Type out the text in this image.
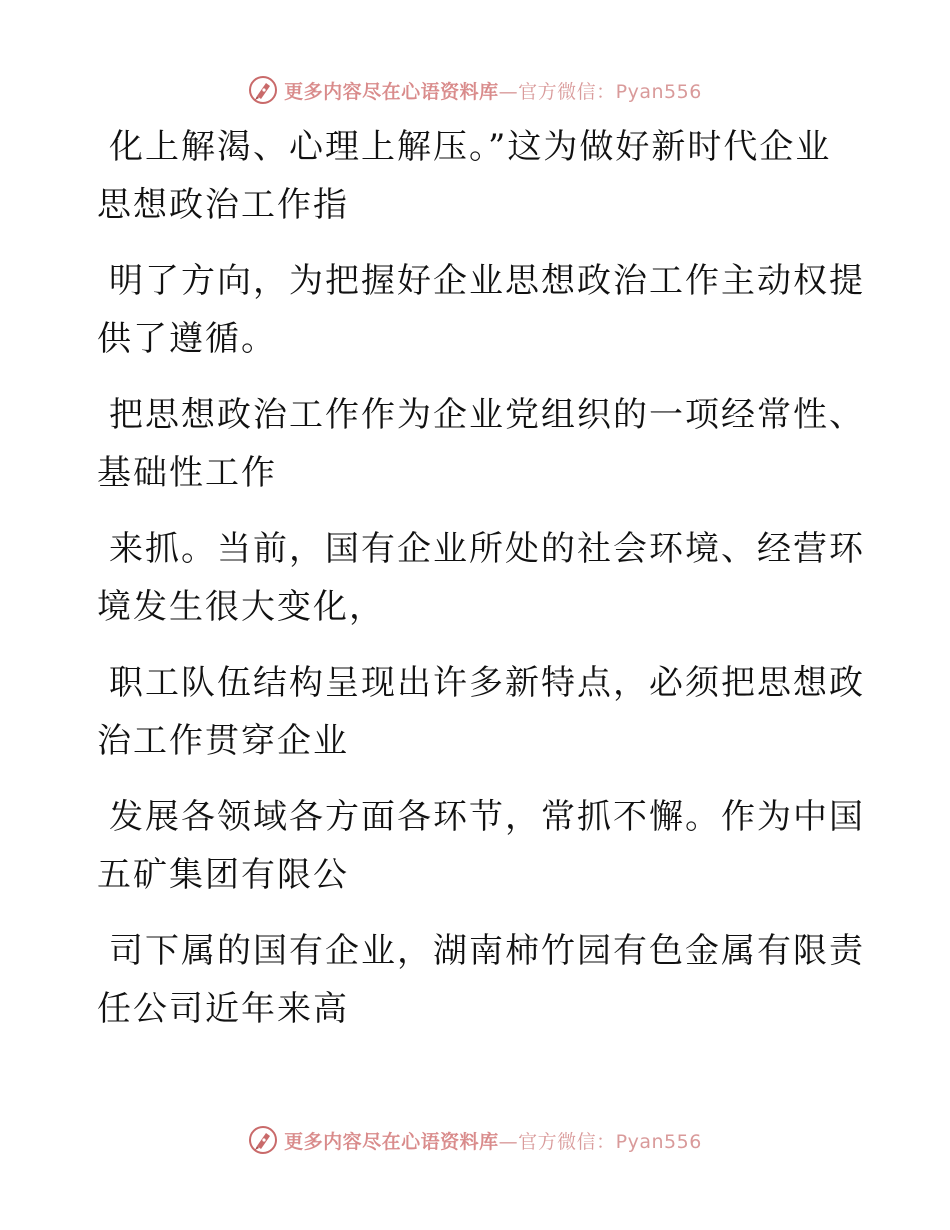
更多内容尽在心语资料库—官方微信：Pyan556

化上解渴、心理上解压。”这为做好新时代企业
思想政治工作指

明了方向，为把握好企业思想政治工作主动权提
供了遵循。

把思想政治工作作为企业党组织的一项经常性、
基础性工作

来抓。当前，国有企业所处的社会环境、经营环
境发生很大变化，

职工队伍结构呈现出许多新特点，必须把思想政
治工作贯穿企业

发展各领域各方面各环节，常抓不懈。作为中国
五矿集团有限公

司下属的国有企业，湖南柿竹园有色金属有限责
任公司近年来高

更多内容尽在心语资料库—官方微信：Pyan556
